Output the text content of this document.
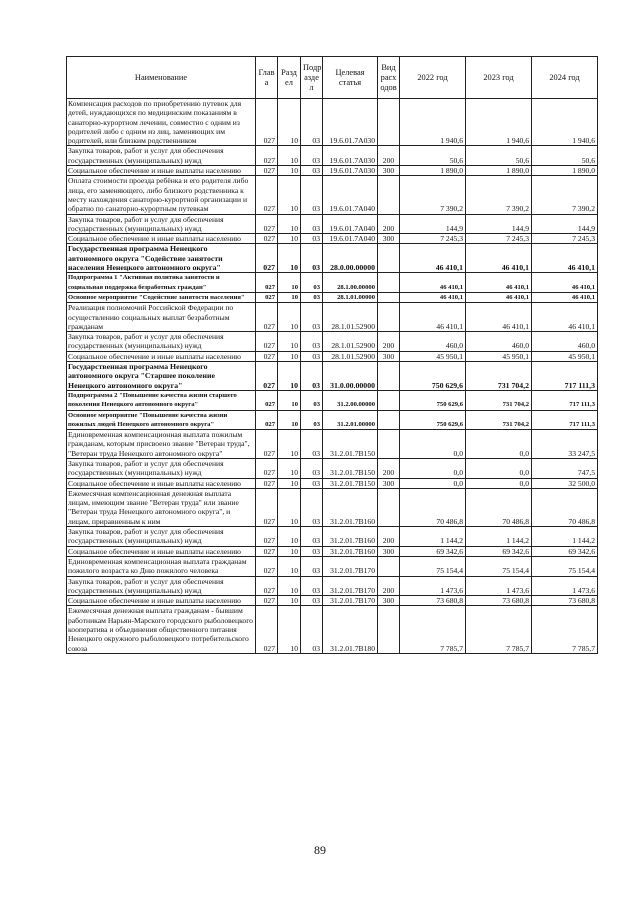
Наименование	Глав а	Разд ел	Подр азде л	Целевая статья	Вид расх одов	2022 год	2023 год	2024 год
Компенсация расходов по приобретению путевок для детей, нуждающихся по медицинским показаниям в санаторно-курортном лечении, совместно с одним из родителей либо с одним из лиц, заменяющих им родителей, или близким родственником	027	10	03	19.6.01.7А030		1 940,6	1 940,6	1 940,6
Закупка товаров, работ и услуг для обеспечения государственных (муниципальных) нужд	027	10	03	19.6.01.7А030	200	50,6	50,6	50,6
Социальное обеспечение и иные выплаты населению	027	10	03	19.6.01.7А030	300	1 890,0	1 890,0	1 890,0
Оплата стоимости проезда ребёнка и его родителя либо лица, его заменяющего, либо близкого родственника к месту нахождения санаторно-курортной организации и обратно по санаторно-курортным путевкам	027	10	03	19.6.01.7А040		7 390,2	7 390,2	7 390,2
Закупка товаров, работ и услуг для обеспечения государственных (муниципальных) нужд	027	10	03	19.6.01.7А040	200	144,9	144,9	144,9
Социальное обеспечение и иные выплаты населению	027	10	03	19.6.01.7А040	300	7 245,3	7 245,3	7 245,3
Государственная программа Ненецкого автономного округа "Содействие занятости населения Ненецкого автономного округа"	027	10	03	28.0.00.00000		46 410,1	46 410,1	46 410,1
Подпрограмма 1 "Активная политика занятости и социальная поддержка безработных граждан"	027	10	03	28.1.00.00000		46 410,1	46 410,1	46 410,1
Основное мероприятие "Содействие занятости населения"	027	10	03	28.1.01.00000		46 410,1	46 410,1	46 410,1
Реализация полномочий Российской Федерации по осуществлению социальных выплат безработным гражданам	027	10	03	28.1.01.52900		46 410,1	46 410,1	46 410,1
Закупка товаров, работ и услуг для обеспечения государственных (муниципальных) нужд	027	10	03	28.1.01.52900	200	460,0	460,0	460,0
Социальное обеспечение и иные выплаты населению	027	10	03	28.1.01.52900	300	45 950,1	45 950,1	45 950,1
Государственная программа Ненецкого автономного округа "Старшее поколение Ненецкого автономного округа"	027	10	03	31.0.00.00000		750 629,6	731 704,2	717 111,3
Подпрограмма 2 "Повышение качества жизни старшего поколения Ненецкого автономного округа"	027	10	03	31.2.00.00000		750 629,6	731 704,2	717 111,3
Основное мероприятие "Повышение качества жизни пожилых людей Ненецкого автономного округа"	027	10	03	31.2.01.00000		750 629,6	731 704,2	717 111,3
Единовременная компенсационная выплата пожилым гражданам, которым присвоено звание "Ветеран труда", "Ветеран труда Ненецкого автономного округа"	027	10	03	31.2.01.7В150		0,0	0,0	33 247,5
Закупка товаров, работ и услуг для обеспечения государственных (муниципальных) нужд	027	10	03	31.2.01.7В150	200	0,0	0,0	747,5
Социальное обеспечение и иные выплаты населению	027	10	03	31.2.01.7В150	300	0,0	0,0	32 500,0
Ежемесячная компенсационная денежная выплата лицам, имеющим звание "Ветеран труда" или звание "Ветеран труда Ненецкого автономного округа", и лицам, приравненным к ним	027	10	03	31.2.01.7В160		70 486,8	70 486,8	70 486,8
Закупка товаров, работ и услуг для обеспечения государственных (муниципальных) нужд	027	10	03	31.2.01.7В160	200	1 144,2	1 144,2	1 144,2
Социальное обеспечение и иные выплаты населению	027	10	03	31.2.01.7В160	300	69 342,6	69 342,6	69 342,6
Единовременная компенсационная выплата гражданам пожилого возраста ко Дню пожилого человека	027	10	03	31.2.01.7В170		75 154,4	75 154,4	75 154,4
Закупка товаров, работ и услуг для обеспечения государственных (муниципальных) нужд	027	10	03	31.2.01.7В170	200	1 473,6	1 473,6	1 473,6
Социальное обеспечение и иные выплаты населению	027	10	03	31.2.01.7В170	300	73 680,8	73 680,8	73 680,8
Ежемесячная денежная выплата гражданам - бывшим работникам Нарьян-Марского городского рыболовецкого кооператива и объединения общественного питания Ненецкого окружного рыболовецкого потребительского союза	027	10	03	31.2.01.7В180		7 785,7	7 785,7	7 785,7
89
